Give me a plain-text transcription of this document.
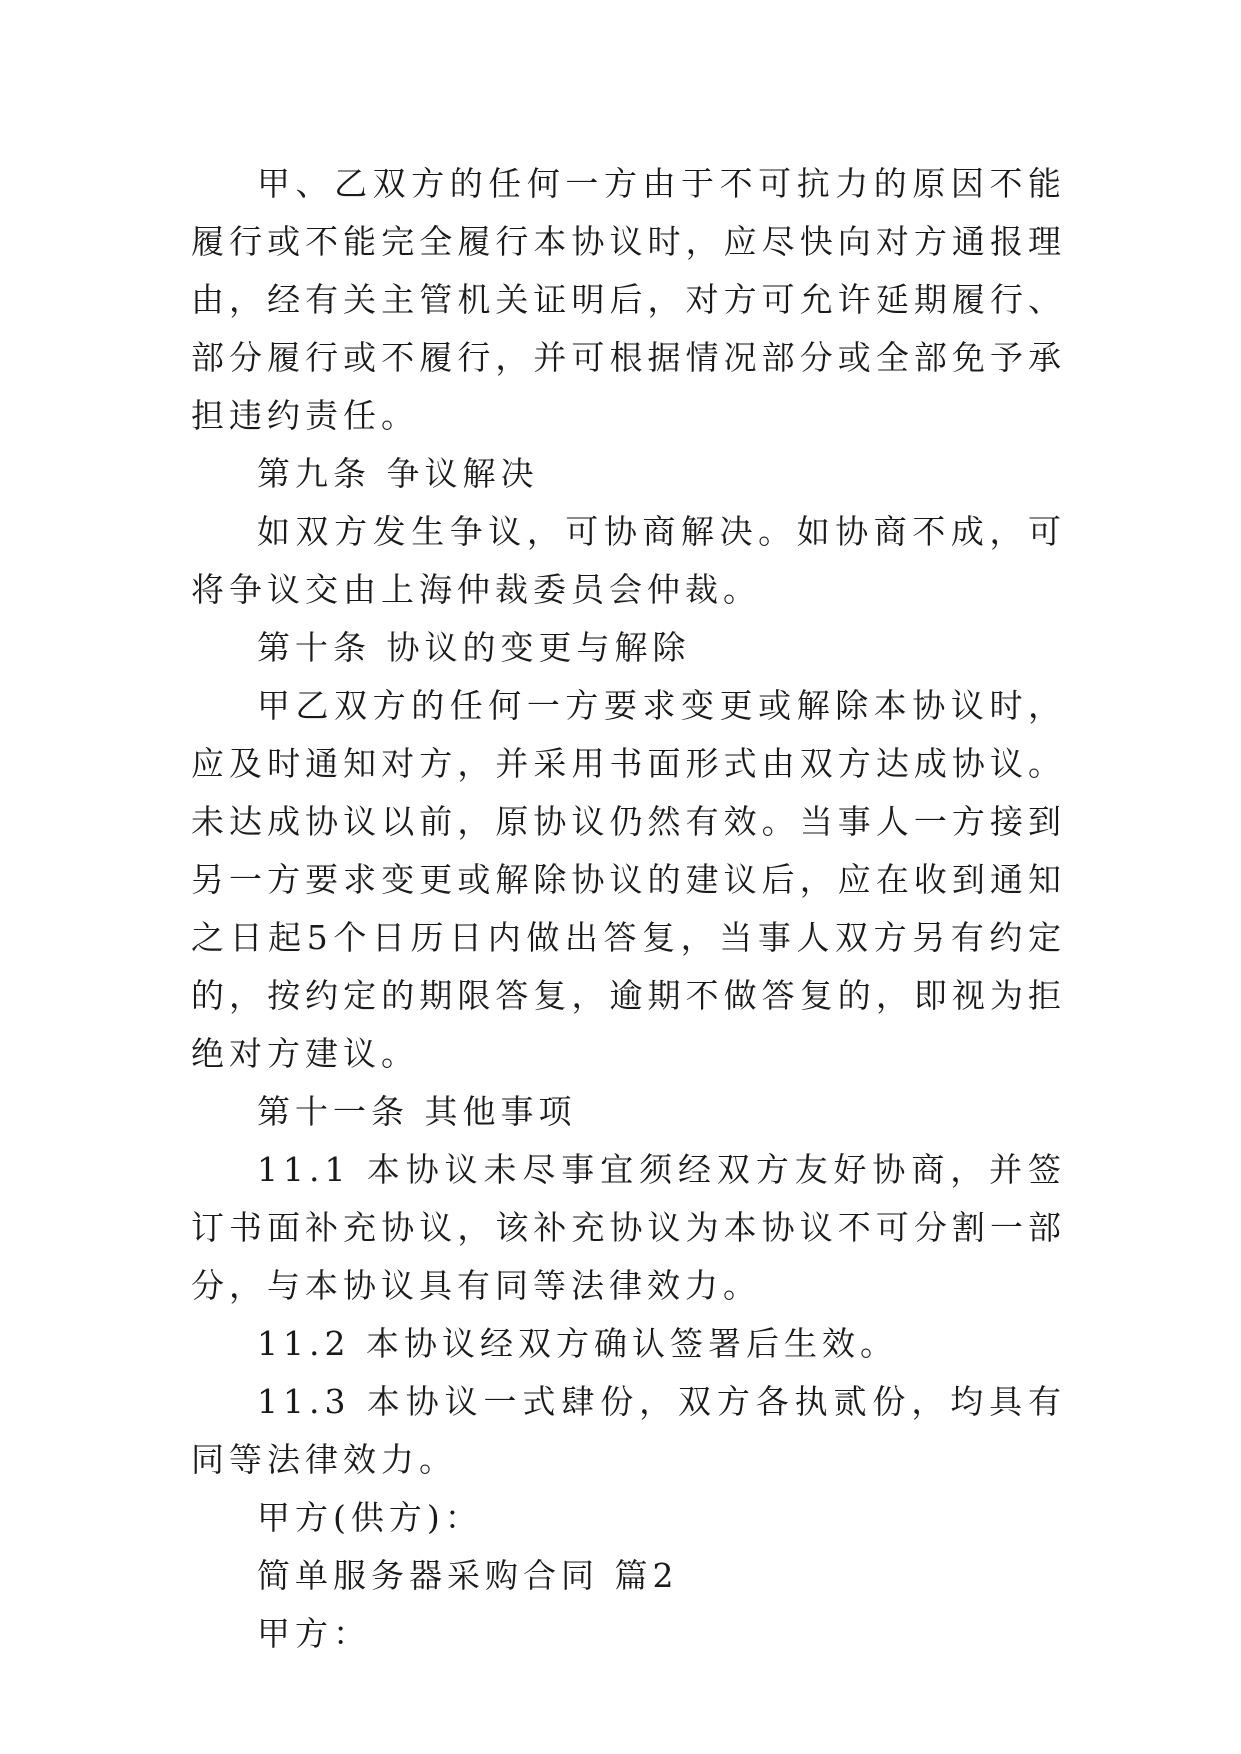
甲、乙双方的任何一方由于不可抗力的原因不能履行或不能完全履行本协议时，应尽快向对方通报理由，经有关主管机关证明后，对方可允许延期履行、部分履行或不履行，并可根据情况部分或全部免予承担违约责任。

第九条 争议解决

如双方发生争议，可协商解决。如协商不成，可将争议交由上海仲裁委员会仲裁。

第十条 协议的变更与解除

甲乙双方的任何一方要求变更或解除本协议时，应及时通知对方，并采用书面形式由双方达成协议。未达成协议以前，原协议仍然有效。当事人一方接到另一方要求变更或解除协议的建议后，应在收到通知之日起5个日历日内做出答复，当事人双方另有约定的，按约定的期限答复，逾期不做答复的，即视为拒绝对方建议。

第十一条 其他事项

11.1 本协议未尽事宜须经双方友好协商，并签订书面补充协议，该补充协议为本协议不可分割一部分，与本协议具有同等法律效力。

11.2 本协议经双方确认签署后生效。

11.3 本协议一式肆份，双方各执贰份，均具有同等法律效力。

甲方(供方)：

简单服务器采购合同 篇2

甲方：
